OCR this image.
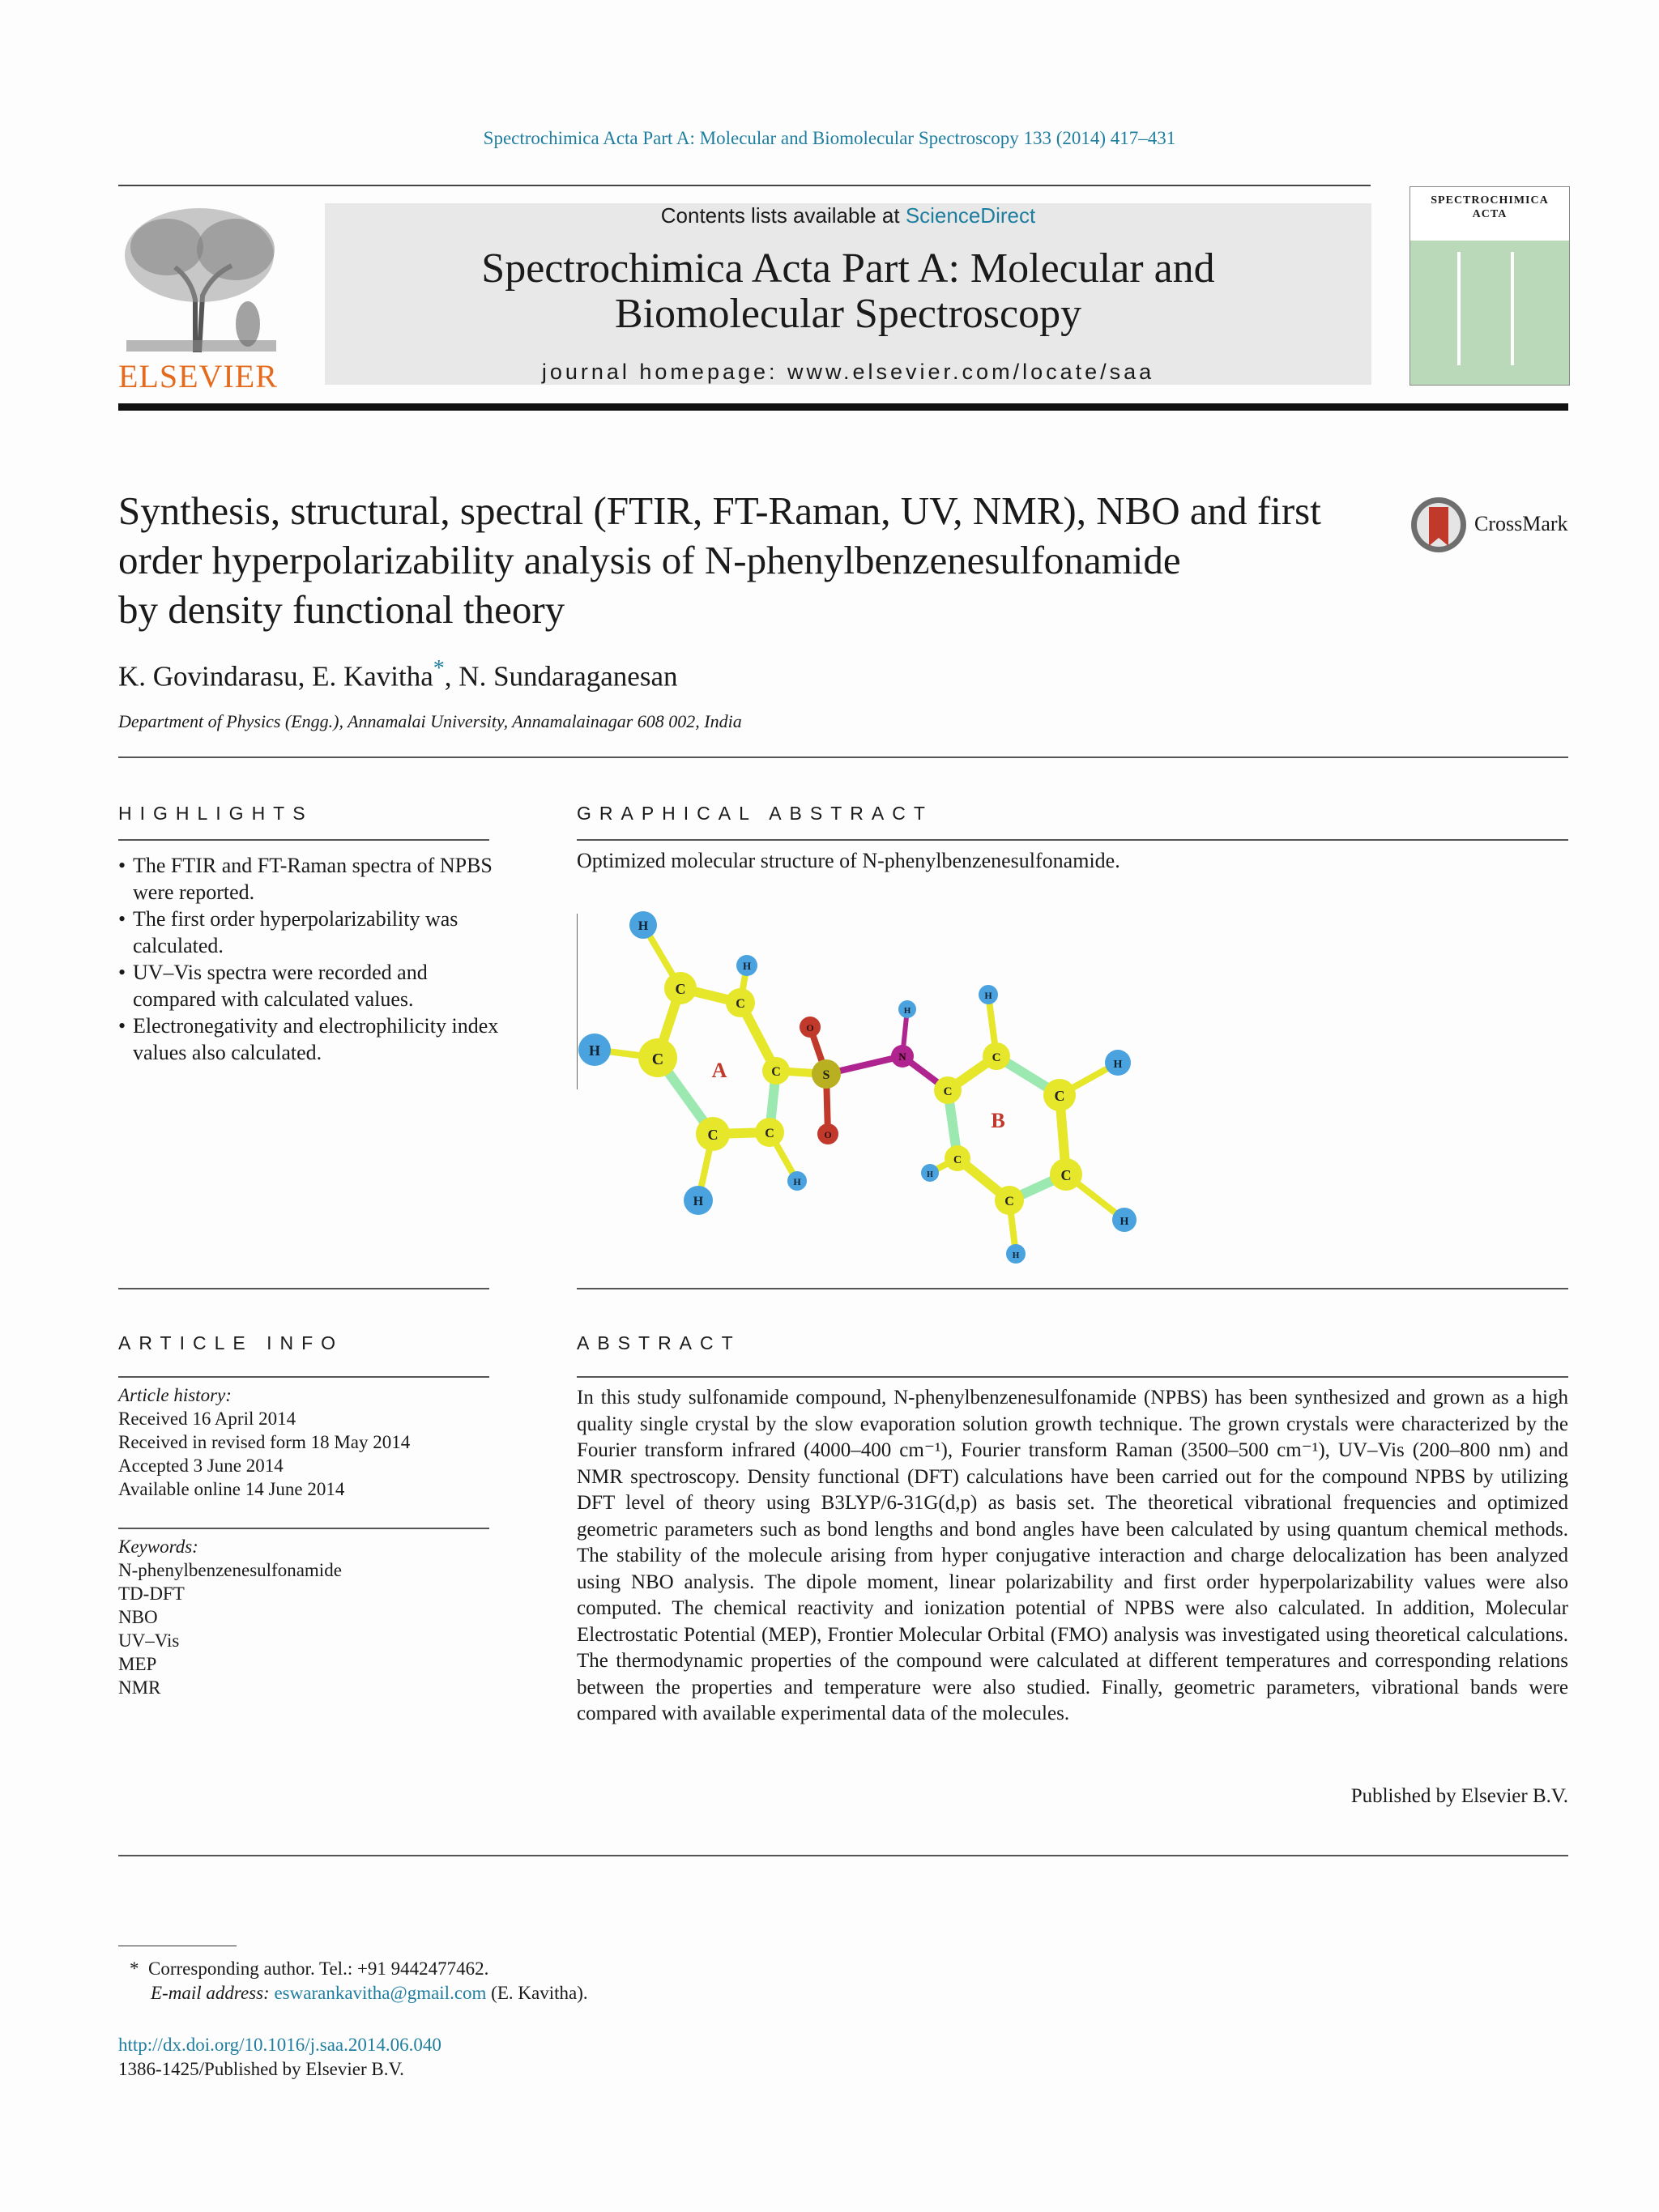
Spectrochimica Acta Part A: Molecular and Biomolecular Spectroscopy 133 (2014) 417–431
ELSEVIER
Contents lists available at ScienceDirect
Spectrochimica Acta Part A: Molecular and
Biomolecular Spectroscopy
journal homepage: www.elsevier.com/locate/saa
SPECTROCHIMICA
ACTA
Synthesis, structural, spectral (FTIR, FT-Raman, UV, NMR), NBO and first
order hyperpolarizability analysis of N-phenylbenzenesulfonamide
by density functional theory
CrossMark
K. Govindarasu, E. Kavitha*, N. Sundaraganesan
Department of Physics (Engg.), Annamalai University, Annamalainagar 608 002, India
HIGHLIGHTS
• The FTIR and FT-Raman spectra of NPBS were reported.
• The first order hyperpolarizability was calculated.
• UV–Vis spectra were recorded and compared with calculated values.
• Electronegativity and electrophilicity index values also calculated.
GRAPHICAL ABSTRACT
Optimized molecular structure of N-phenylbenzenesulfonamide.
H
H
H
H
H
H
H
H
H
H
H
O
O
S
N
C
C
C
C
C	C
C
C
C
C
C
C
A
B
ARTICLE INFO
Article history:
Received 16 April 2014
Received in revised form 18 May 2014
Accepted 3 June 2014
Available online 14 June 2014
Keywords:
N-phenylbenzenesulfonamide
TD-DFT
NBO
UV–Vis
MEP
NMR
ABSTRACT
In this study sulfonamide compound, N-phenylbenzenesulfonamide (NPBS) has been synthesized and grown as a high quality single crystal by the slow evaporation solution growth technique. The grown crystals were characterized by the Fourier transform infrared (4000–400 cm⁻¹), Fourier transform Raman (3500–500 cm⁻¹), UV–Vis (200–800 nm) and NMR spectroscopy. Density functional (DFT) calculations have been carried out for the compound NPBS by utilizing DFT level of theory using B3LYP/6-31G(d,p) as basis set. The theoretical vibrational frequencies and optimized geometric parameters such as bond lengths and bond angles have been calculated by using quantum chemical methods. The stability of the molecule arising from hyper conjugative interaction and charge delocalization has been analyzed using NBO analysis. The dipole moment, linear polarizability and first order hyperpolarizability values were also computed. The chemical reactivity and ionization potential of NPBS were also calculated. In addition, Molecular Electrostatic Potential (MEP), Frontier Molecular Orbital (FMO) analysis was investigated using theoretical calculations. The thermodynamic properties of the compound were calculated at different temperatures and corresponding relations between the properties and temperature were also studied. Finally, geometric parameters, vibrational bands were compared with available experimental data of the molecules.
Published by Elsevier B.V.
* Corresponding author. Tel.: +91 9442477462.
E-mail address: eswarankavitha@gmail.com (E. Kavitha).
http://dx.doi.org/10.1016/j.saa.2014.06.040
1386-1425/Published by Elsevier B.V.
